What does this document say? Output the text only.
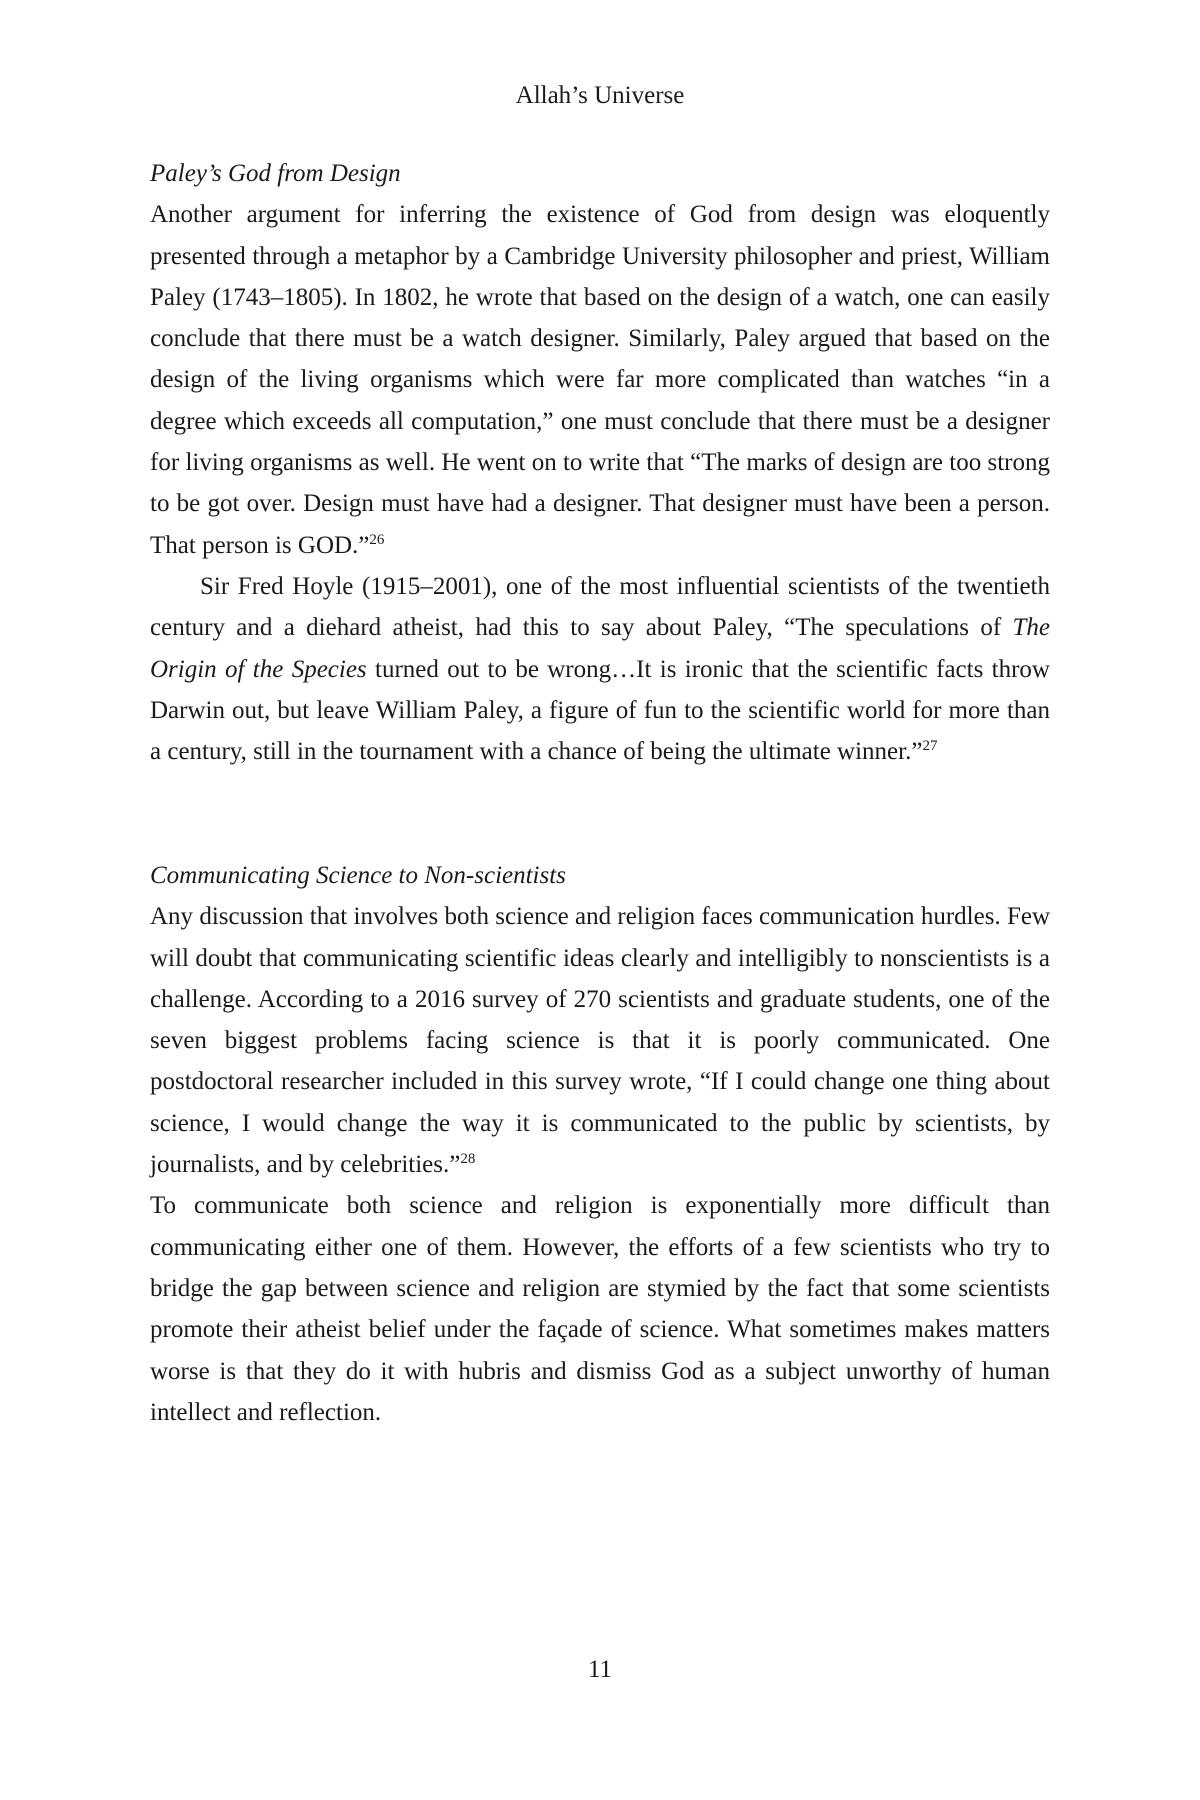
Allah’s Universe

Paley’s God from Design

Another argument for inferring the existence of God from design was eloquently presented through a metaphor by a Cambridge University philosopher and priest, William Paley (1743–1805). In 1802, he wrote that based on the design of a watch, one can easily conclude that there must be a watch designer. Similarly, Paley argued that based on the design of the living organisms which were far more complicated than watches “in a degree which exceeds all computation,” one must conclude that there must be a designer for living organisms as well. He went on to write that “The marks of design are too strong to be got over. Design must have had a designer. That designer must have been a person. That person is GOD.”$^{26}$

Sir Fred Hoyle (1915–2001), one of the most influential scientists of the twentieth century and a diehard atheist, had this to say about Paley, “The speculations of The Origin of the Species turned out to be wrong…It is ironic that the scientific facts throw Darwin out, but leave William Paley, a figure of fun to the scientific world for more than a century, still in the tournament with a chance of being the ultimate winner.”$^{27}$

Communicating Science to Non-scientists

Any discussion that involves both science and religion faces communication hurdles. Few will doubt that communicating scientific ideas clearly and intelligibly to nonscientists is a challenge. According to a 2016 survey of 270 scientists and graduate students, one of the seven biggest problems facing science is that it is poorly communicated. One postdoctoral researcher included in this survey wrote, “If I could change one thing about science, I would change the way it is communicated to the public by scientists, by journalists, and by celebrities.”$^{28}$

To communicate both science and religion is exponentially more difficult than communicating either one of them. However, the efforts of a few scientists who try to bridge the gap between science and religion are stymied by the fact that some scientists promote their atheist belief under the façade of science. What sometimes makes matters worse is that they do it with hubris and dismiss God as a subject unworthy of human intellect and reflection.

11
